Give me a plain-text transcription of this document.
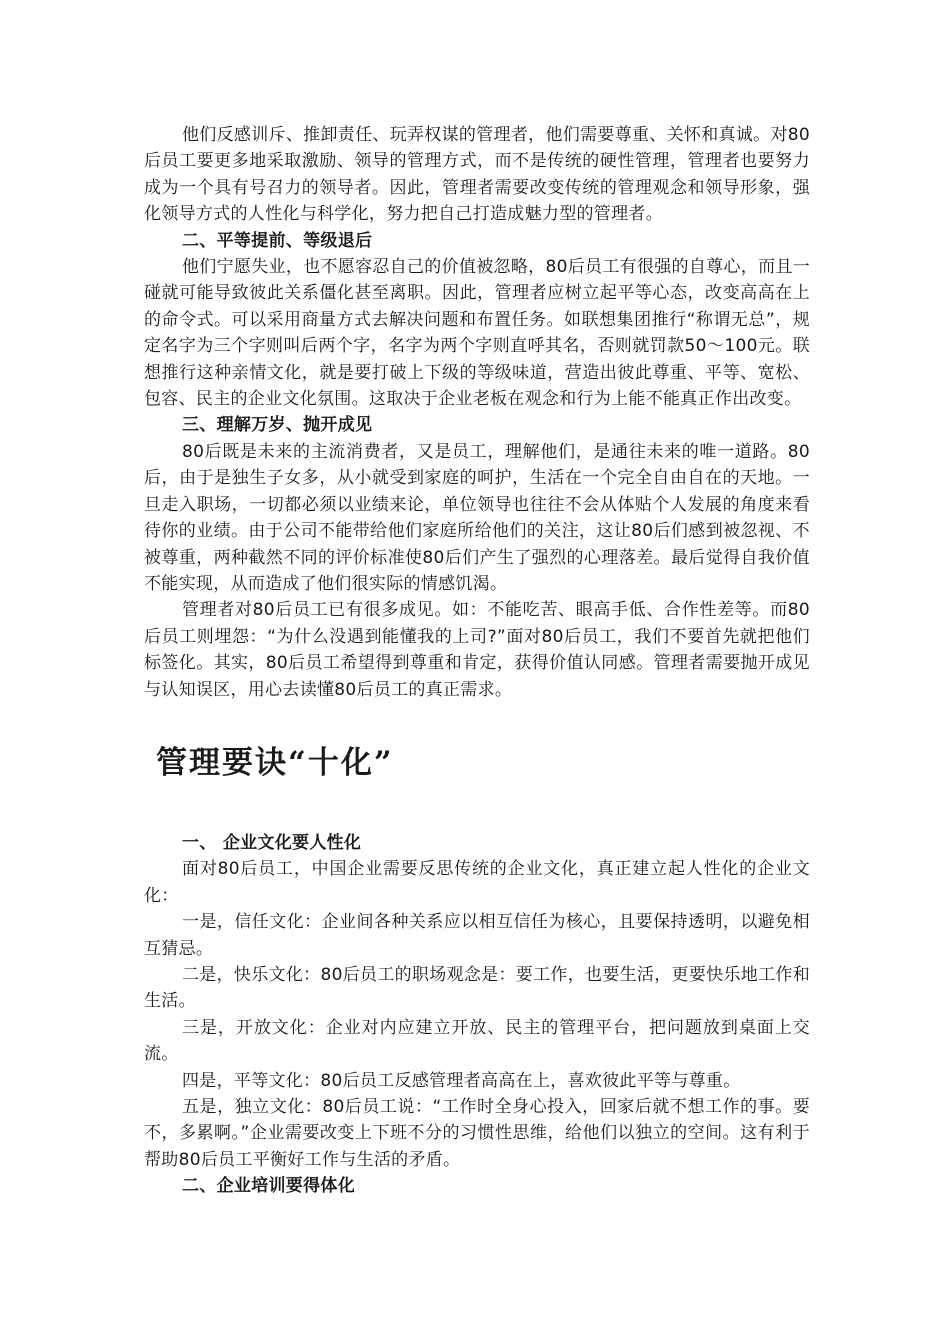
他们反感训斥、推卸责任、玩弄权谋的管理者，他们需要尊重、关怀和真诚。对80后员工要更多地采取激励、领导的管理方式，而不是传统的硬性管理，管理者也要努力成为一个具有号召力的领导者。因此，管理者需要改变传统的管理观念和领导形象，强化领导方式的人性化与科学化，努力把自己打造成魅力型的管理者。

二、平等提前、等级退后

他们宁愿失业，也不愿容忍自己的价值被忽略，80后员工有很强的自尊心，而且一碰就可能导致彼此关系僵化甚至离职。因此，管理者应树立起平等心态，改变高高在上的命令式。可以采用商量方式去解决问题和布置任务。如联想集团推行“称谓无总”，规定名字为三个字则叫后两个字，名字为两个字则直呼其名，否则就罚款50～100元。联想推行这种亲情文化，就是要打破上下级的等级味道，营造出彼此尊重、平等、宽松、包容、民主的企业文化氛围。这取决于企业老板在观念和行为上能不能真正作出改变。

三、理解万岁、抛开成见

80后既是未来的主流消费者，又是员工，理解他们，是通往未来的唯一道路。80后，由于是独生子女多，从小就受到家庭的呵护，生活在一个完全自由自在的天地。一旦走入职场，一切都必须以业绩来论，单位领导也往往不会从体贴个人发展的角度来看待你的业绩。由于公司不能带给他们家庭所给他们的关注，这让80后们感到被忽视、不被尊重，两种截然不同的评价标准使80后们产生了强烈的心理落差。最后觉得自我价值不能实现，从而造成了他们很实际的情感饥渴。

管理者对80后员工已有很多成见。如：不能吃苦、眼高手低、合作性差等。而80后员工则埋怨：“为什么没遇到能懂我的上司?”面对80后员工，我们不要首先就把他们标签化。其实，80后员工希望得到尊重和肯定，获得价值认同感。管理者需要抛开成见与认知误区，用心去读懂80后员工的真正需求。

管理要诀“十化”

一、 企业文化要人性化

面对80后员工，中国企业需要反思传统的企业文化，真正建立起人性化的企业文化：

一是，信任文化：企业间各种关系应以相互信任为核心，且要保持透明，以避免相互猜忌。

二是，快乐文化：80后员工的职场观念是：要工作，也要生活，更要快乐地工作和生活。

三是，开放文化：企业对内应建立开放、民主的管理平台，把问题放到桌面上交流。

四是，平等文化：80后员工反感管理者高高在上，喜欢彼此平等与尊重。

五是，独立文化：80后员工说：“工作时全身心投入，回家后就不想工作的事。要不，多累啊。”企业需要改变上下班不分的习惯性思维，给他们以独立的空间。这有利于帮助80后员工平衡好工作与生活的矛盾。

二、企业培训要得体化
